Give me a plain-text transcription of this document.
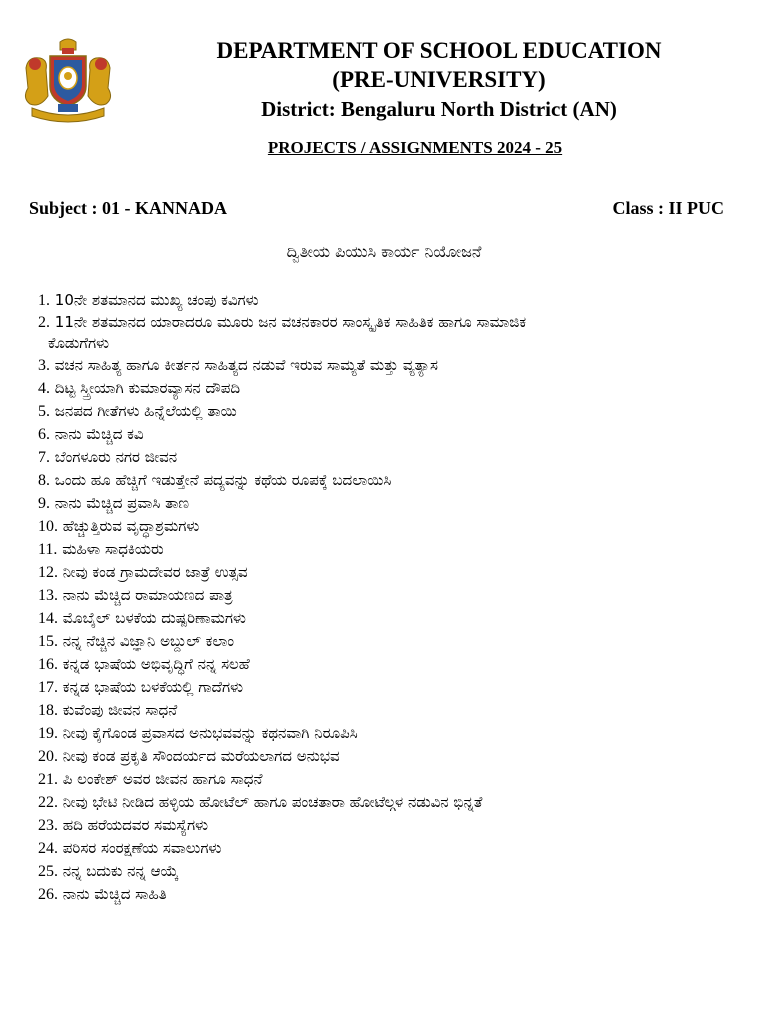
DEPARTMENT OF SCHOOL EDUCATION
(PRE-UNIVERSITY)
District: Bengaluru North District (AN)
PROJECTS / ASSIGNMENTS 2024 - 25
Subject : 01 - KANNADA	Class : II PUC
ದ್ವಿತೀಯ ಪಿಯುಸಿ ಕಾರ್ಯ ನಿಯೋಜನೆ
1. 10ನೇ ಶತಮಾನದ ಮುಖ್ಯ ಚಂಪು ಕವಿಗಳು
2. 11ನೇ ಶತಮಾನದ ಯಾರಾದರೂ ಮೂರು ಜನ ವಚನಕಾರರ ಸಾಂಸ್ಕೃತಿಕ ಸಾಹಿತಿಕ ಹಾಗೂ ಸಾಮಾಜಿಕ
ಕೊಡುಗೆಗಳು
3. ವಚನ ಸಾಹಿತ್ಯ ಹಾಗೂ ಕೀರ್ತನ ಸಾಹಿತ್ಯದ ನಡುವೆ ಇರುವ ಸಾಮ್ಯತೆ ಮತ್ತು ವ್ಯತ್ಯಾಸ
4. ದಿಟ್ಟ ಸ್ತ್ರೀಯಾಗಿ ಕುಮಾರವ್ಯಾಸನ ದೌಪದಿ
5. ಜನಪದ ಗೀತೆಗಳು ಹಿನ್ನೆಲೆಯಲ್ಲಿ ತಾಯಿ
6. ನಾನು ಮೆಚ್ಚಿದ ಕವಿ
7. ಬೆಂಗಳೂರು ನಗರ ಜೀವನ
8. ಒಂದು ಹೂ ಹೆಚ್ಚಿಗೆ ಇಡುತ್ತೇನೆ ಪದ್ಯವನ್ನು ಕಥೆಯ ರೂಪಕ್ಕೆ ಬದಲಾಯಿಸಿ
9. ನಾನು ಮೆಚ್ಚಿದ ಪ್ರವಾಸಿ ತಾಣ
10. ಹೆಚ್ಚುತ್ತಿರುವ ವೃದ್ಧಾಶ್ರಮಗಳು
11. ಮಹಿಳಾ ಸಾಧಕಿಯರು
12. ನೀವು ಕಂಡ ಗ್ರಾಮದೇವರ ಜಾತ್ರೆ ಉತ್ಸವ
13. ನಾನು ಮೆಚ್ಚಿದ ರಾಮಾಯಣದ ಪಾತ್ರ
14. ಮೊಬೈಲ್ ಬಳಕೆಯ ದುಷ್ಪರಿಣಾಮಗಳು
15. ನನ್ನ ನೆಚ್ಚಿನ ವಿಜ್ಞಾನಿ ಅಬ್ದುಲ್ ಕಲಾಂ
16. ಕನ್ನಡ ಭಾಷೆಯ ಅಭಿವೃದ್ಧಿಗೆ ನನ್ನ ಸಲಹೆ
17. ಕನ್ನಡ ಭಾಷೆಯ ಬಳಕೆಯಲ್ಲಿ ಗಾದೆಗಳು
18. ಕುವೆಂಪು ಜೀವನ ಸಾಧನೆ
19. ನೀವು ಕೈಗೊಂಡ ಪ್ರವಾಸದ ಅನುಭವವನ್ನು ಕಥನವಾಗಿ ನಿರೂಪಿಸಿ
20. ನೀವು ಕಂಡ ಪ್ರಕೃತಿ ಸೌಂದರ್ಯದ ಮರೆಯಲಾಗದ ಅನುಭವ
21. ಪಿ ಲಂಕೇಶ್ ಅವರ ಜೀವನ ಹಾಗೂ ಸಾಧನೆ
22. ನೀವು ಭೇಟಿ ನೀಡಿದ ಹಳ್ಳಿಯ ಹೋಟೆಲ್ ಹಾಗೂ ಪಂಚತಾರಾ ಹೋಟೆಲ್ಗಳ ನಡುವಿನ ಭಿನ್ನತೆ
23. ಹದಿ ಹರೆಯದವರ ಸಮಸ್ಯೆಗಳು
24. ಪರಿಸರ ಸಂರಕ್ಷಣೆಯ ಸವಾಲುಗಳು
25. ನನ್ನ ಬದುಕು ನನ್ನ ಆಯ್ಕೆ
26. ನಾನು ಮೆಚ್ಚಿದ ಸಾಹಿತಿ
